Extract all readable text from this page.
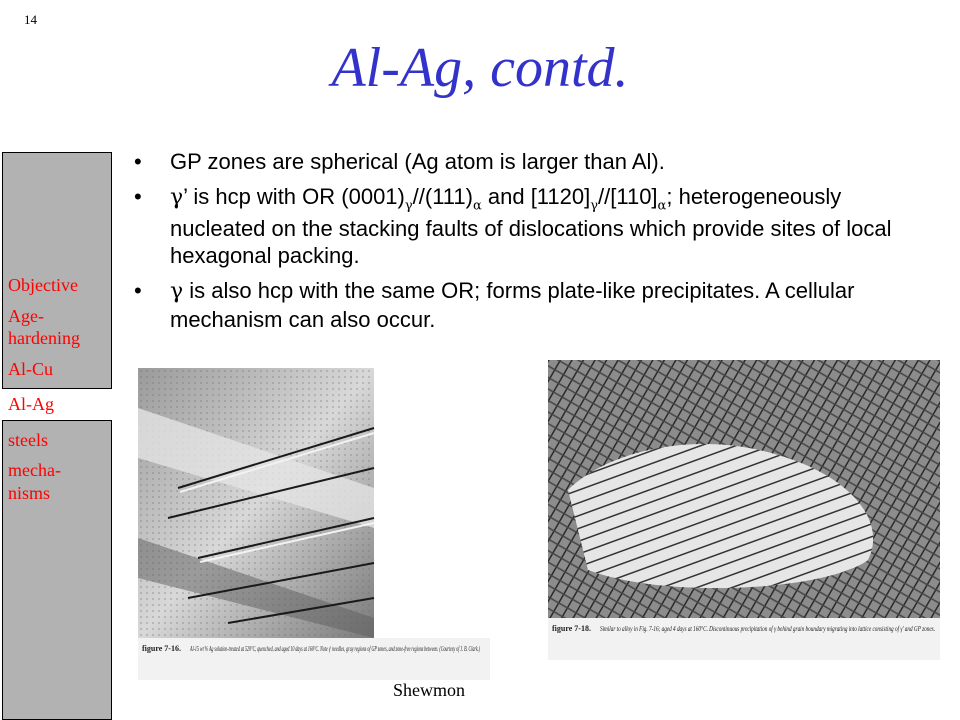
14
Al-Ag, contd.
Objective
Age-
hardening
Al-Cu
Al-Ag
steels
mecha-
nisms
• GP zones are spherical (Ag atom is larger than Al).
• γ’ is hcp with OR $(0001)_\gamma//(111)_\alpha$ and $[1120]_\gamma//[110]_\alpha$; heterogeneously nucleated on the stacking faults of dislocations which provide sites of local hexagonal packing.
• γ is also hcp with the same OR; forms plate-like precipitates. A cellular mechanism can also occur.
figure 7-16. Al-15 wt % Ag solution-treated at 520°C, quenched, and aged 10 days at 160°C. Note γ' needles, gray regions of GP zones, and zone-free regions between. (Courtesy of J. B. Clark.)
figure 7-18. Similar to alloy in Fig. 7-16; aged 4 days at 160°C. Discontinuous precipitation of γ behind grain boundary migrating into lattice consisting of γ' and GP zones.
Shewmon
